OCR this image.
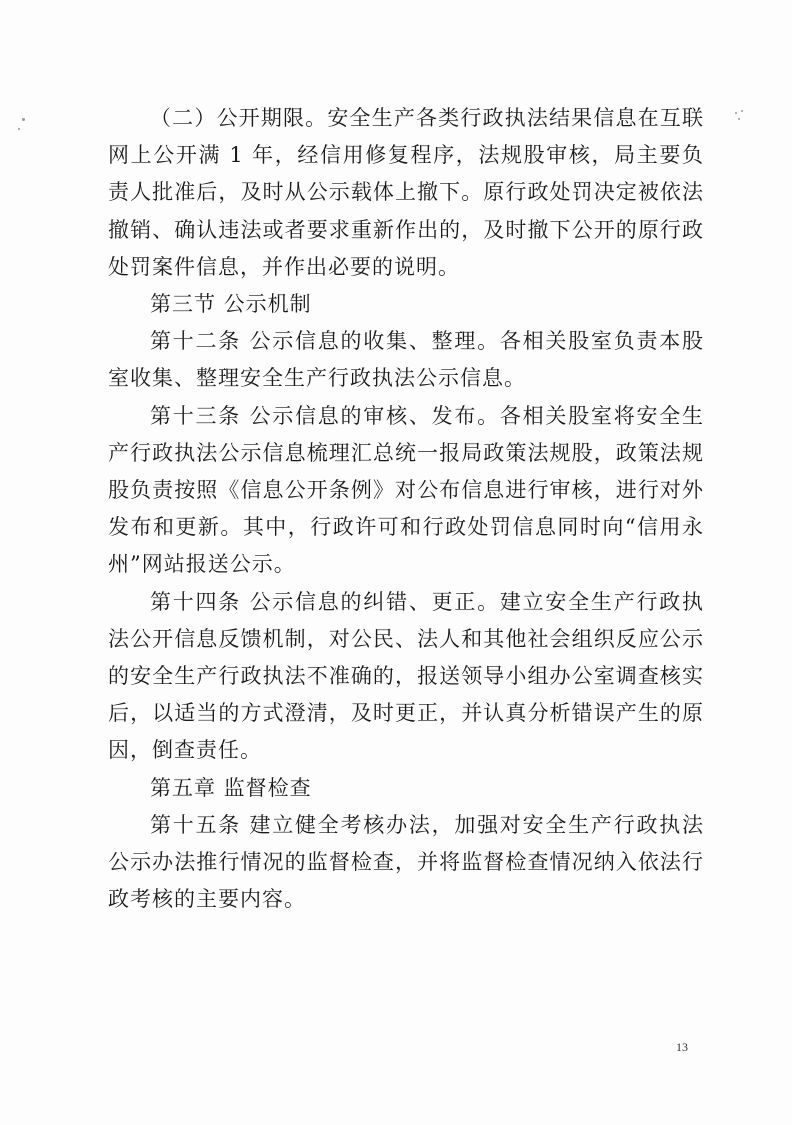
（二）公开期限。安全生产各类行政执法结果信息在互联网上公开满 1 年，经信用修复程序，法规股审核，局主要负责人批准后，及时从公示载体上撤下。原行政处罚决定被依法撤销、确认违法或者要求重新作出的，及时撤下公开的原行政处罚案件信息，并作出必要的说明。

第三节 公示机制

第十二条 公示信息的收集、整理。各相关股室负责本股室收集、整理安全生产行政执法公示信息。

第十三条 公示信息的审核、发布。各相关股室将安全生产行政执法公示信息梳理汇总统一报局政策法规股，政策法规股负责按照《信息公开条例》对公布信息进行审核，进行对外发布和更新。其中，行政许可和行政处罚信息同时向“信用永州”网站报送公示。

第十四条 公示信息的纠错、更正。建立安全生产行政执法公开信息反馈机制，对公民、法人和其他社会组织反应公示的安全生产行政执法不准确的，报送领导小组办公室调查核实后，以适当的方式澄清，及时更正，并认真分析错误产生的原因，倒查责任。

第五章 监督检查

第十五条 建立健全考核办法，加强对安全生产行政执法公示办法推行情况的监督检查，并将监督检查情况纳入依法行政考核的主要内容。

13
